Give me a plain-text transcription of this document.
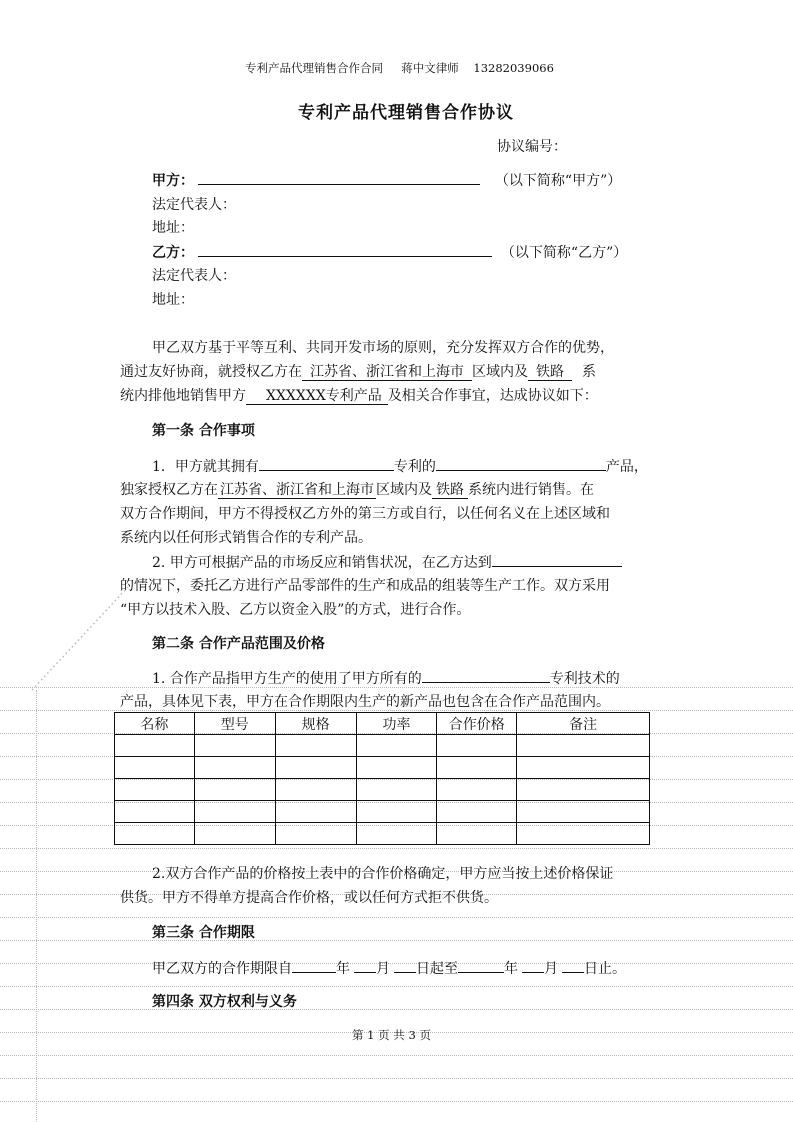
专利产品代理销售合作合同 蒋中文律师 13282039066
专利产品代理销售合作协议
协议编号：
甲方：	（以下简称“甲方”）
法定代表人：
地址：
乙方：	（以下简称“乙方”）
法定代表人：
地址：
甲乙双方基于平等互利、共同开发市场的原则，充分发挥双方合作的优势，
通过友好协商，就授权乙方在 江苏省、浙江省和上海市 区域内及 铁路 系
统内排他地销售甲方 XXXXXX专利产品 及相关合作事宜，达成协议如下：
第一条 合作事项
1．甲方就其拥有	专利的	产品，
独家授权乙方在 江苏省、浙江省和上海市 区域内及 铁路 系统内进行销售。在
双方合作期间，甲方不得授权乙方外的第三方或自行，以任何名义在上述区域和
系统内以任何形式销售合作的专利产品。
2. 甲方可根据产品的市场反应和销售状况，在乙方达到
的情况下，委托乙方进行产品零部件的生产和成品的组装等生产工作。双方采用
“甲方以技术入股、乙方以资金入股”的方式，进行合作。
第二条 合作产品范围及价格
1. 合作产品指甲方生产的使用了甲方所有的	专利技术的
产品，具体见下表，甲方在合作期限内生产的新产品也包含在合作产品范围内。
名称	型号	规格	功率	合作价格	备注

2.双方合作产品的价格按上表中的合作价格确定，甲方应当按上述价格保证
供货。甲方不得单方提高合作价格，或以任何方式拒不供货。
第三条 合作期限
甲乙双方的合作期限自	年 月 日起至	年 月 日止。
第四条 双方权利与义务
第 1 页 共 3 页
